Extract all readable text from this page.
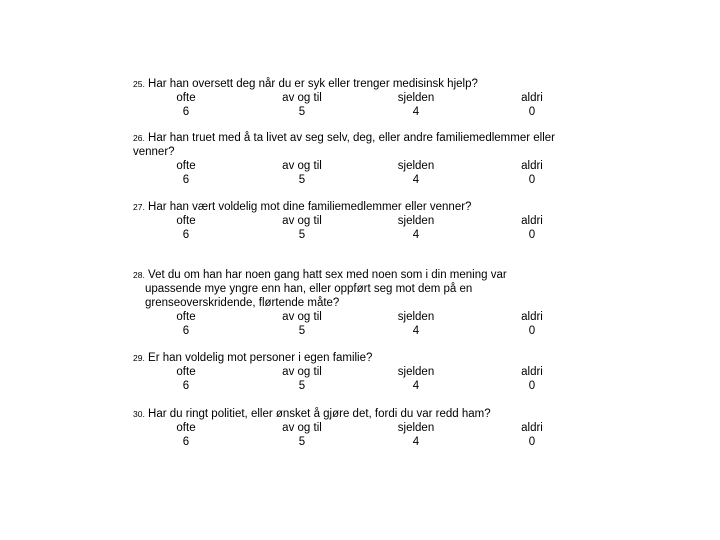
25. Har han oversett deg når du er syk eller trenger medisinsk hjelp?
ofte
6
av og til
5
sjelden
4
aldri
0
26. Har han truet med å ta livet av seg selv, deg, eller andre familiemedlemmer eller
venner?
ofte
6
av og til
5
sjelden
4
aldri
0
27. Har han vært voldelig mot dine familiemedlemmer eller venner?
ofte
6
av og til
5
sjelden
4
aldri
0
28. Vet du om han har noen gang hatt sex med noen som i din mening var
upassende mye yngre enn han, eller oppført seg mot dem på en
grenseoverskridende, flørtende måte?
ofte
6
av og til
5
sjelden
4
aldri
0
29. Er han voldelig mot personer i egen familie?
ofte
6
av og til
5
sjelden
4
aldri
0
30. Har du ringt politiet, eller ønsket å gjøre det, fordi du var redd ham?
ofte
6
av og til
5
sjelden
4
aldri
0
